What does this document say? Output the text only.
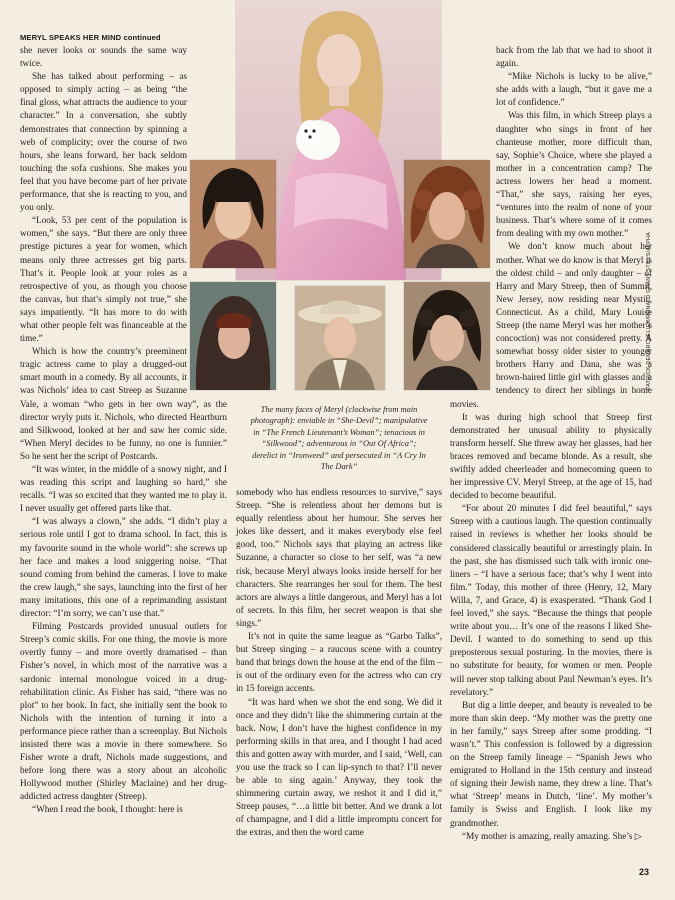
MERYL SPEAKS HER MIND continued

she never looks or sounds the same way twice.

She has talked about performing – as opposed to simply acting – as being “the final gloss, what attracts the audience to your character.” In a conversation, she subtly demonstrates that connection by spinning a web of complicity; over the course of two hours, she leans forward, her back seldom touching the sofa cushions. She makes you feel that you have become part of her private performance, that she is reacting to you, and you only.

“Look, 53 per cent of the population is women,” she says. “But there are only three prestige pictures a year for women, which means only three actresses get big parts. That’s it. People look at your roles as a retrospective of you, as though you choose the canvas, but that’s simply not true,” she says impatiently. “It has more to do with what other people felt was financeable at the time.”

Which is how the country’s preeminent tragic actress came to play a drugged-out smart mouth in a comedy. By all accounts, it was Nichols’ idea to cast Streep as Suzanne Vale, a woman “who gets in her own way”, as the director wryly puts it. Nichols, who directed Heartburn and Silkwood, looked at her and saw her comic side. “When Meryl decides to be funny, no one is funnier.” So he sent her the script of Postcards.

“It was winter, in the middle of a snowy night, and I was reading this script and laughing so hard,” she recalls. “I was so excited that they wanted me to play it. I never usually get offered parts like that.

“I was always a clown,” she adds. “I didn’t play a serious role until I got to drama school. In fact, this is my favourite sound in the whole world”: she screws up her face and makes a loud sniggering noise. “That sound coming from behind the cameras. I love to make the crew laugh,” she says, launching into the first of her many imitations, this one of a reprimanding assistant director: “I’m sorry, we can’t use that.”

Filming Postcards provided unusual outlets for Streep’s comic skills. For one thing, the movie is more overtly funny – and more overtly dramatised – than Fisher’s novel, in which most of the narrative was a sardonic internal monologue voiced in a drug-rehabilitation clinic. As Fisher has said, “there was no plot” to her book. In fact, she initially sent the book to Nichols with the intention of turning it into a performance piece rather than a screenplay. But Nichols insisted there was a movie in there somewhere. So Fisher wrote a draft, Nichols made suggestions, and before long there was a story about an alcoholic Hollywood mother (Shirley Maclaine) and her drug-addicted actress daughter (Streep).

“When I read the book, I thought: here is

somebody who has endless resources to survive,” says Streep. “She is relentless about her demons but is equally relentless about her humour. She serves her jokes like dessert, and it makes everybody else feel good, too.” Nichols says that playing an actress like Suzanne, a character so close to her self, was “a new risk, because Meryl always looks inside herself for her characters. She rearranges her soul for them. The best actors are always a little dangerous, and Meryl has a lot of secrets. In this film, her secret weapon is that she sings.”

It’s not in quite the same league as “Garbo Talks”, but Streep singing – a raucous scene with a country band that brings down the house at the end of the film – is out of the ordinary even for the actress who can cry in 15 foreign accents.

“It was hard when we shot the end song. We did it once and they didn’t like the shimmering curtain at the back. Now, I don’t have the highest confidence in my performing skills in that area, and I thought I had aced this and gotten away with murder, and I said, ‘Well, can you use the track so I can lip-synch to that? I’ll never be able to sing again.’ Anyway, they took the shimmering curtain away, we reshot it and I did it,” Streep pauses, “…a little bit better. And we drank a lot of champagne, and I did a little impromptu concert for the extras, and then the word came

back from the lab that we had to shoot it again.

“Mike Nichols is lucky to be alive,” she adds with a laugh, “but it gave me a lot of confidence.”

Was this film, in which Streep plays a daughter who sings in front of her chanteuse mother, more difficult than, say, Sophie’s Choice, where she played a mother in a concentration camp? The actress lowers her head a moment. “That,” she says, raising her eyes, “ventures into the realm of none of your business. That’s where some of it comes from dealing with my own mother.”

We don’t know much about her mother. What we do know is that Meryl is the oldest child – and only daughter – of Harry and Mary Streep, then of Summit, New Jersey, now residing near Mystic, Connecticut. As a child, Mary Louise Streep (the name Meryl was her mother’s concoction) was not considered pretty. A somewhat bossy older sister to younger brothers Harry and Dana, she was a brown-haired little girl with glasses and a tendency to direct her siblings in home movies.

It was during high school that Streep first demonstrated her unusual ability to physically transform herself. She threw away her glasses, had her braces removed and became blonde. As a result, she swiftly added cheerleader and homecoming queen to her impressive CV. Meryl Streep, at the age of 15, had decided to become beautiful.

“For about 20 minutes I did feel beautiful,” says Streep with a cautious laugh. The question continually raised in reviews is whether her looks should be considered classically beautiful or arrestingly plain. In the past, she has dismissed such talk with ironic one-liners – “I have a serious face; that’s why I went into film.” Today, this mother of three (Henry, 12, Mary Willa, 7, and Grace, 4) is exasperated. “Thank God I feel loved,” she says. “Because the things that people write about you… It’s one of the reasons I liked She-Devil. I wanted to do something to send up this preposterous sexual posturing. In the movies, there is no substitute for beauty, for women or men. People will never stop talking about Paul Newman’s eyes. It’s revelatory.”

But dig a little deeper, and beauty is revealed to be more than skin deep. “My mother was the pretty one in her family,” says Streep after some prodding. “I wasn’t.” This confession is followed by a digression on the Streep family lineage – “Spanish Jews who emigrated to Holland in the 15th century and instead of signing their Jewish name, they drew a line. That’s what ‘Streep’ means in Dutch, ‘line’. My mother’s family is Swiss and English. I look like my grandmother.

“My mother is amazing, really amazing. She’s ▷

The many faces of Meryl (clockwise from main photograph): enviable in “She-Devil”; manipulative in “The French Lieutenant’s Woman”; tenacious in “Silkwood”; adventurous in “Out Of Africa”; derelict in “Ironweed” and persecuted in “A Cry In The Dark”
PATRICK DEMARCHELIER/RONALD GRANT STILLS/ALPHA
23
